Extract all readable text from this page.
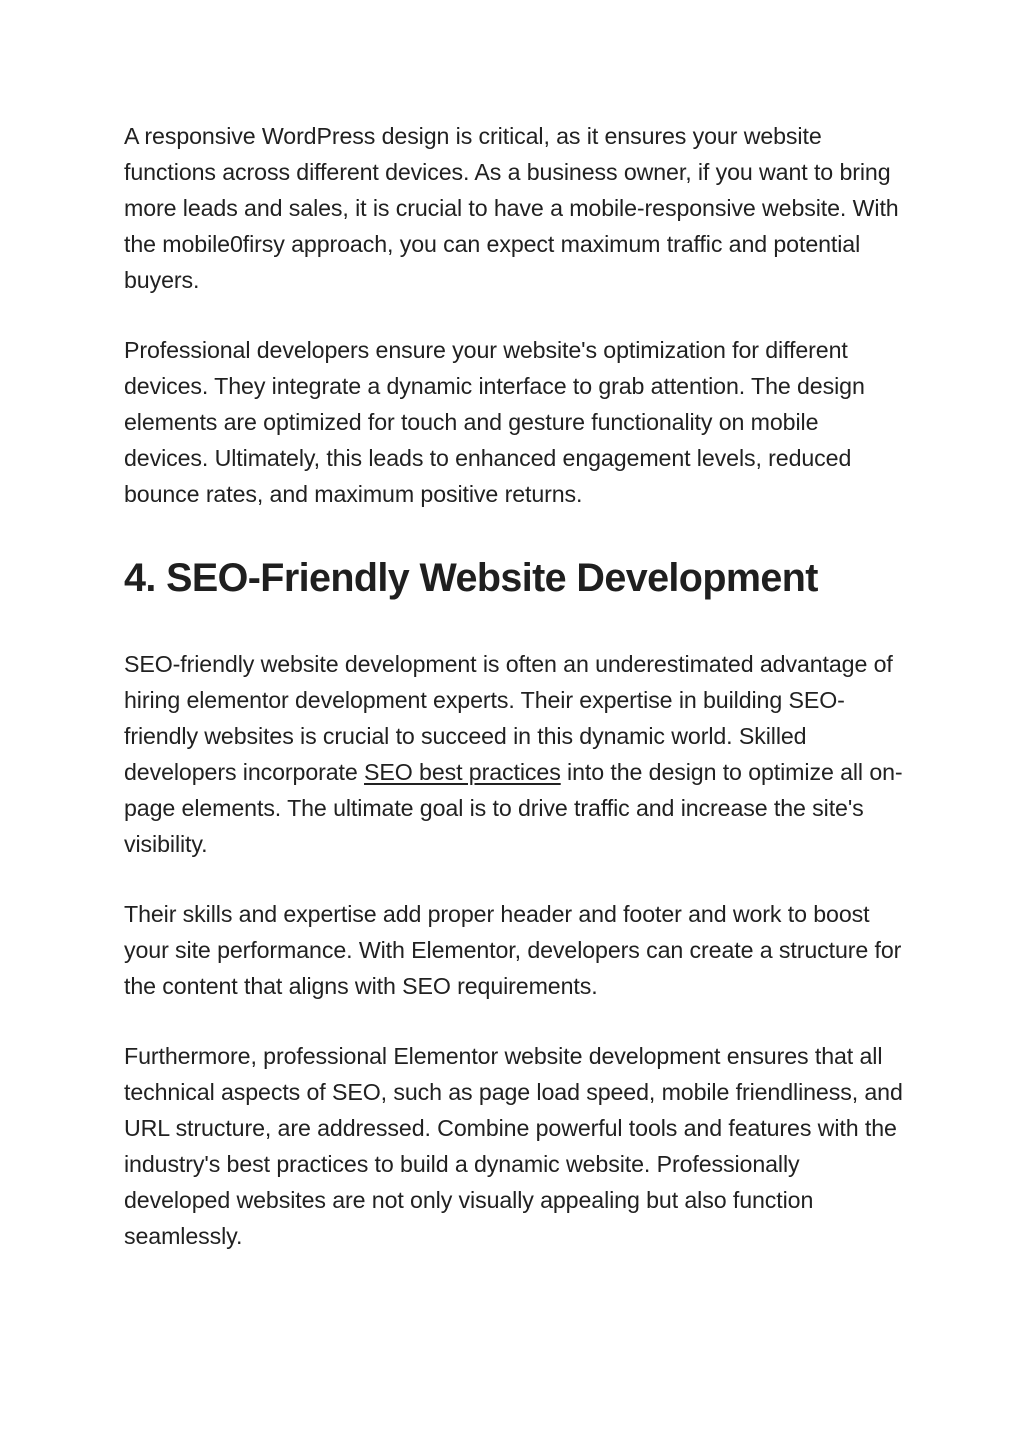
A responsive WordPress design is critical, as it ensures your website functions across different devices. As a business owner, if you want to bring more leads and sales, it is crucial to have a mobile-responsive website. With the mobile0firsy approach, you can expect maximum traffic and potential buyers.

Professional developers ensure your website's optimization for different devices. They integrate a dynamic interface to grab attention. The design elements are optimized for touch and gesture functionality on mobile devices. Ultimately, this leads to enhanced engagement levels, reduced bounce rates, and maximum positive returns.

4. SEO-Friendly Website Development

SEO-friendly website development is often an underestimated advantage of hiring elementor development experts. Their expertise in building SEO-friendly websites is crucial to succeed in this dynamic world. Skilled developers incorporate SEO best practices into the design to optimize all on-page elements. The ultimate goal is to drive traffic and increase the site's visibility.

Their skills and expertise add proper header and footer and work to boost your site performance. With Elementor, developers can create a structure for the content that aligns with SEO requirements.

Furthermore, professional Elementor website development ensures that all technical aspects of SEO, such as page load speed, mobile friendliness, and URL structure, are addressed. Combine powerful tools and features with the industry's best practices to build a dynamic website. Professionally developed websites are not only visually appealing but also function seamlessly.
